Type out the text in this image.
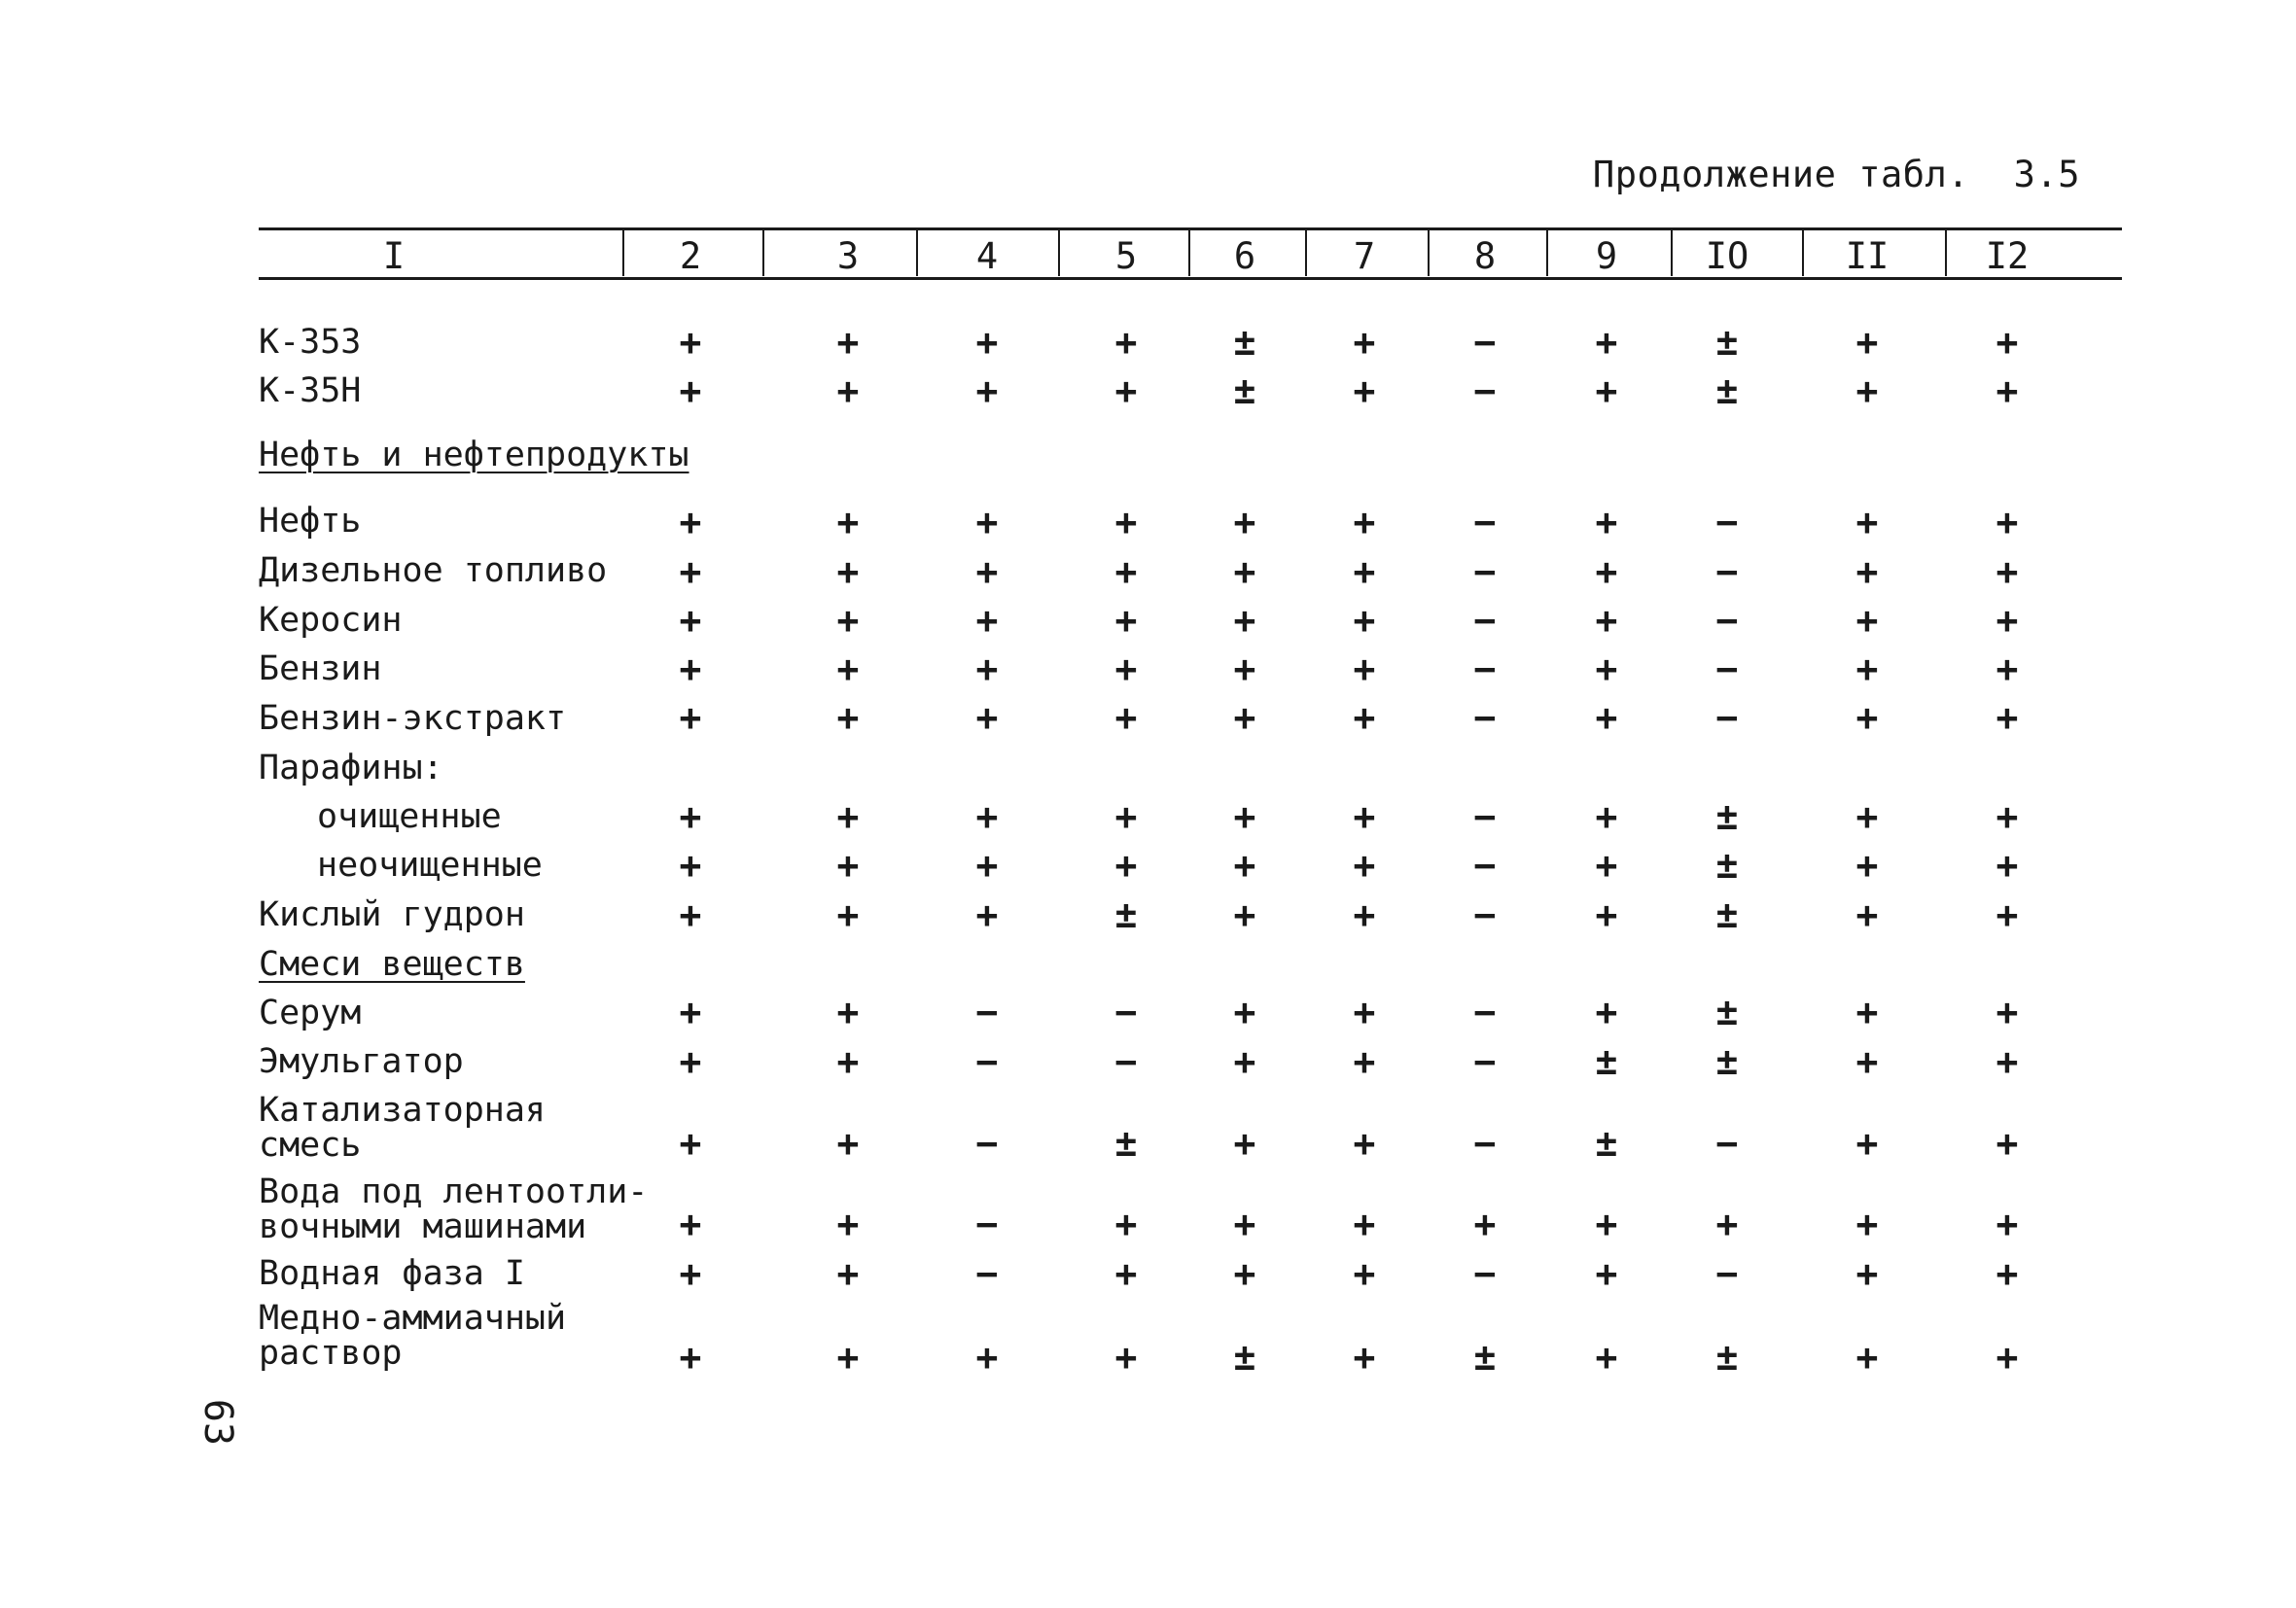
Продолжение табл.  3.5
I	2	3	4	5	6	7	8	9	IO	II	I2
К-353	+	+	+	+	±	+	−	+	±	+	+
К-35Н	+	+	+	+	±	+	−	+	±	+	+
Нефть и нефтепродукты
Нефть	+	+	+	+	+	+	−	+	−	+	+
Дизельное топливо	+	+	+	+	+	+	−	+	−	+	+
Керосин	+	+	+	+	+	+	−	+	−	+	+
Бензин	+	+	+	+	+	+	−	+	−	+	+
Бензин-экстракт	+	+	+	+	+	+	−	+	−	+	+
Парафины:
очищенные	+	+	+	+	+	+	−	+	±	+	+
неочищенные	+	+	+	+	+	+	−	+	±	+	+
Кислый гудрон	+	+	+	±	+	+	−	+	±	+	+
Смеси веществ
Серум	+	+	−	−	+	+	−	+	±	+	+
Эмульгатор	+	+	−	−	+	+	−	±	±	+	+
Катализаторная
смесь	+	+	−	±	+	+	−	±	−	+	+
Вода под лентоотли-
вочными машинами	+	+	−	+	+	+	+	+	+	+	+
Водная фаза I	+	+	−	+	+	+	−	+	−	+	+
Медно-аммиачный
раствор	+	+	+	+	±	+	±	+	±	+	+
63
